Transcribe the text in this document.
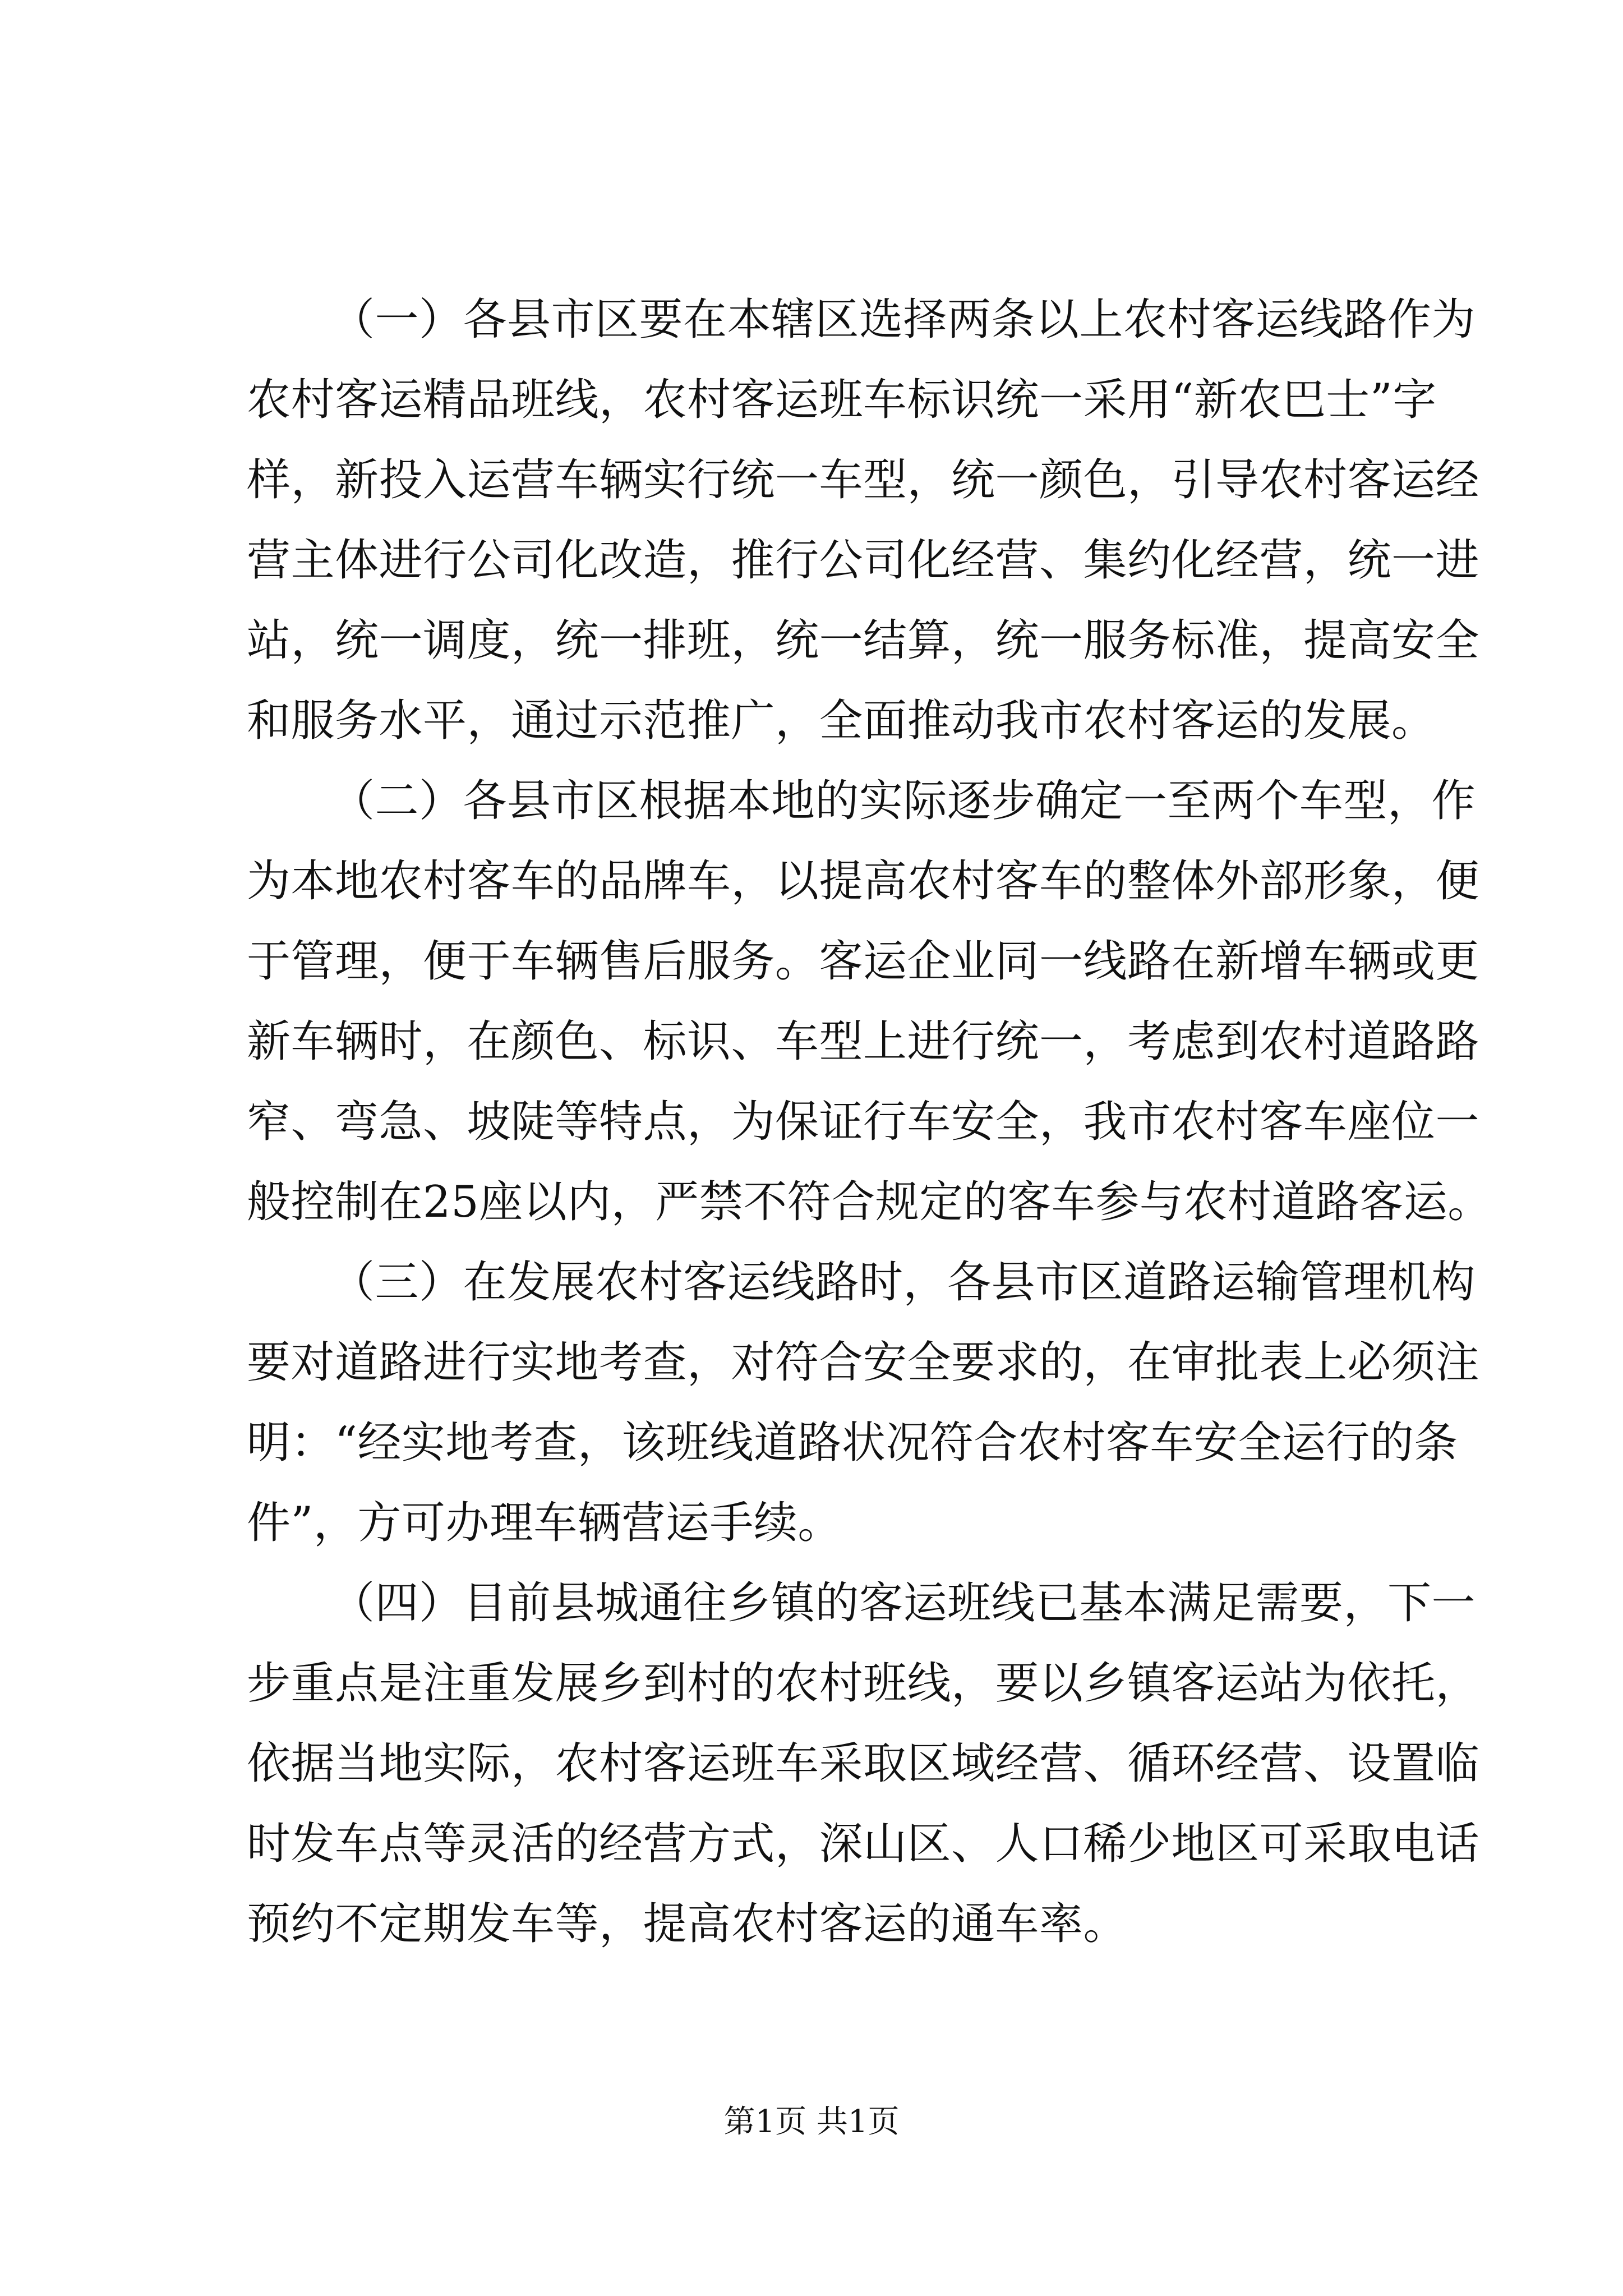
（一）各县市区要在本辖区选择两条以上农村客运线路作为
农村客运精品班线，农村客运班车标识统一采用“新农巴士”字
样，新投入运营车辆实行统一车型，统一颜色，引导农村客运经
营主体进行公司化改造，推行公司化经营、集约化经营，统一进
站，统一调度，统一排班，统一结算，统一服务标准，提高安全
和服务水平，通过示范推广，全面推动我市农村客运的发展。
（二）各县市区根据本地的实际逐步确定一至两个车型，作
为本地农村客车的品牌车，以提高农村客车的整体外部形象，便
于管理，便于车辆售后服务。客运企业同一线路在新增车辆或更
新车辆时，在颜色、标识、车型上进行统一，考虑到农村道路路
窄、弯急、坡陡等特点，为保证行车安全，我市农村客车座位一
般控制在25座以内，严禁不符合规定的客车参与农村道路客运。
（三）在发展农村客运线路时，各县市区道路运输管理机构
要对道路进行实地考查，对符合安全要求的，在审批表上必须注
明：“经实地考查，该班线道路状况符合农村客车安全运行的条
件”，方可办理车辆营运手续。
（四）目前县城通往乡镇的客运班线已基本满足需要，下一
步重点是注重发展乡到村的农村班线，要以乡镇客运站为依托，
依据当地实际，农村客运班车采取区域经营、循环经营、设置临
时发车点等灵活的经营方式，深山区、人口稀少地区可采取电话
预约不定期发车等，提高农村客运的通车率。
第1页 共1页
